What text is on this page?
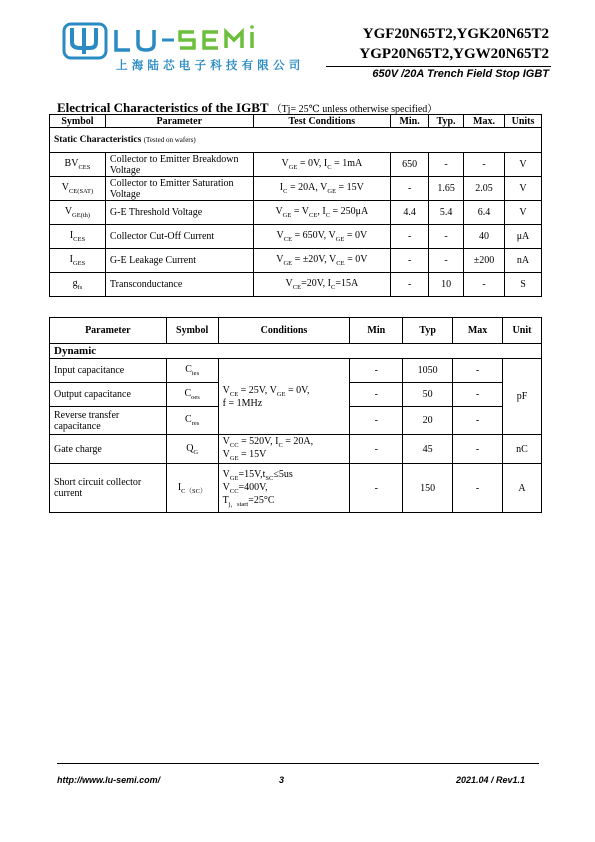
上海陆芯电子科技有限公司
YGF20N65T2,YGK20N65T2
YGP20N65T2,YGW20N65T2
650V /20A Trench Field Stop IGBT
Electrical Characteristics of the IGBT （Tj= 25℃ unless otherwise specified）
Symbol	Parameter	Test Conditions	Min.	Typ.	Max.	Units
Static Characteristics (Tested on wafers)						
$BV_{CES}$	Collector to Emitter Breakdown Voltage	$V_{GE} = 0V$, $I_C = 1mA$	650	-	-	V
$V_{CE(SAT)}$	Collector to Emitter Saturation Voltage	$I_C = 20A$, $V_{GE} = 15V$	-	1.65	2.05	V
$V_{GE(th)}$	G-E Threshold Voltage	$V_{GE} = V_{CE}$, $I_C = 250\mu A$	4.4	5.4	6.4	V
$I_{CES}$	Collector Cut-Off Current	$V_{CE} = 650V$, $V_{GE} = 0V$	-	-	40	μA
$I_{GES}$	G-E Leakage Current	$V_{GE} = \pm 20V$, $V_{CE} = 0V$	-	-	±200	nA
$g_{fs}$	Transconductance	$V_{CE}=20V$, $I_C=15A$	-	10	-	S
Parameter	Symbol	Conditions	Min	Typ	Max	Unit
Dynamic						
Input capacitance	$C_{ies}$	$V_{CE} = 25V$, $V_{GE} = 0V$,
f = 1MHz	-	1050	-	pF
Output capacitance	$C_{oes}$		-	50	-	
Reverse transfer capacitance	$C_{res}$		-	20	-	
Gate charge	$Q_G$	$V_{CC} = 520V$, $I_C = 20A$,
$V_{GE} = 15V$	-	45	-	nC
Short circuit collector current	$I_{C(SC)}$	$V_{GE}=15V,t_{SC}\le 5us$
$V_{CC}=400V$,
$T_{j,start}=25^\circ C$	-	150	-	A
http://www.lu-semi.com/	3	2021.04 / Rev1.1
